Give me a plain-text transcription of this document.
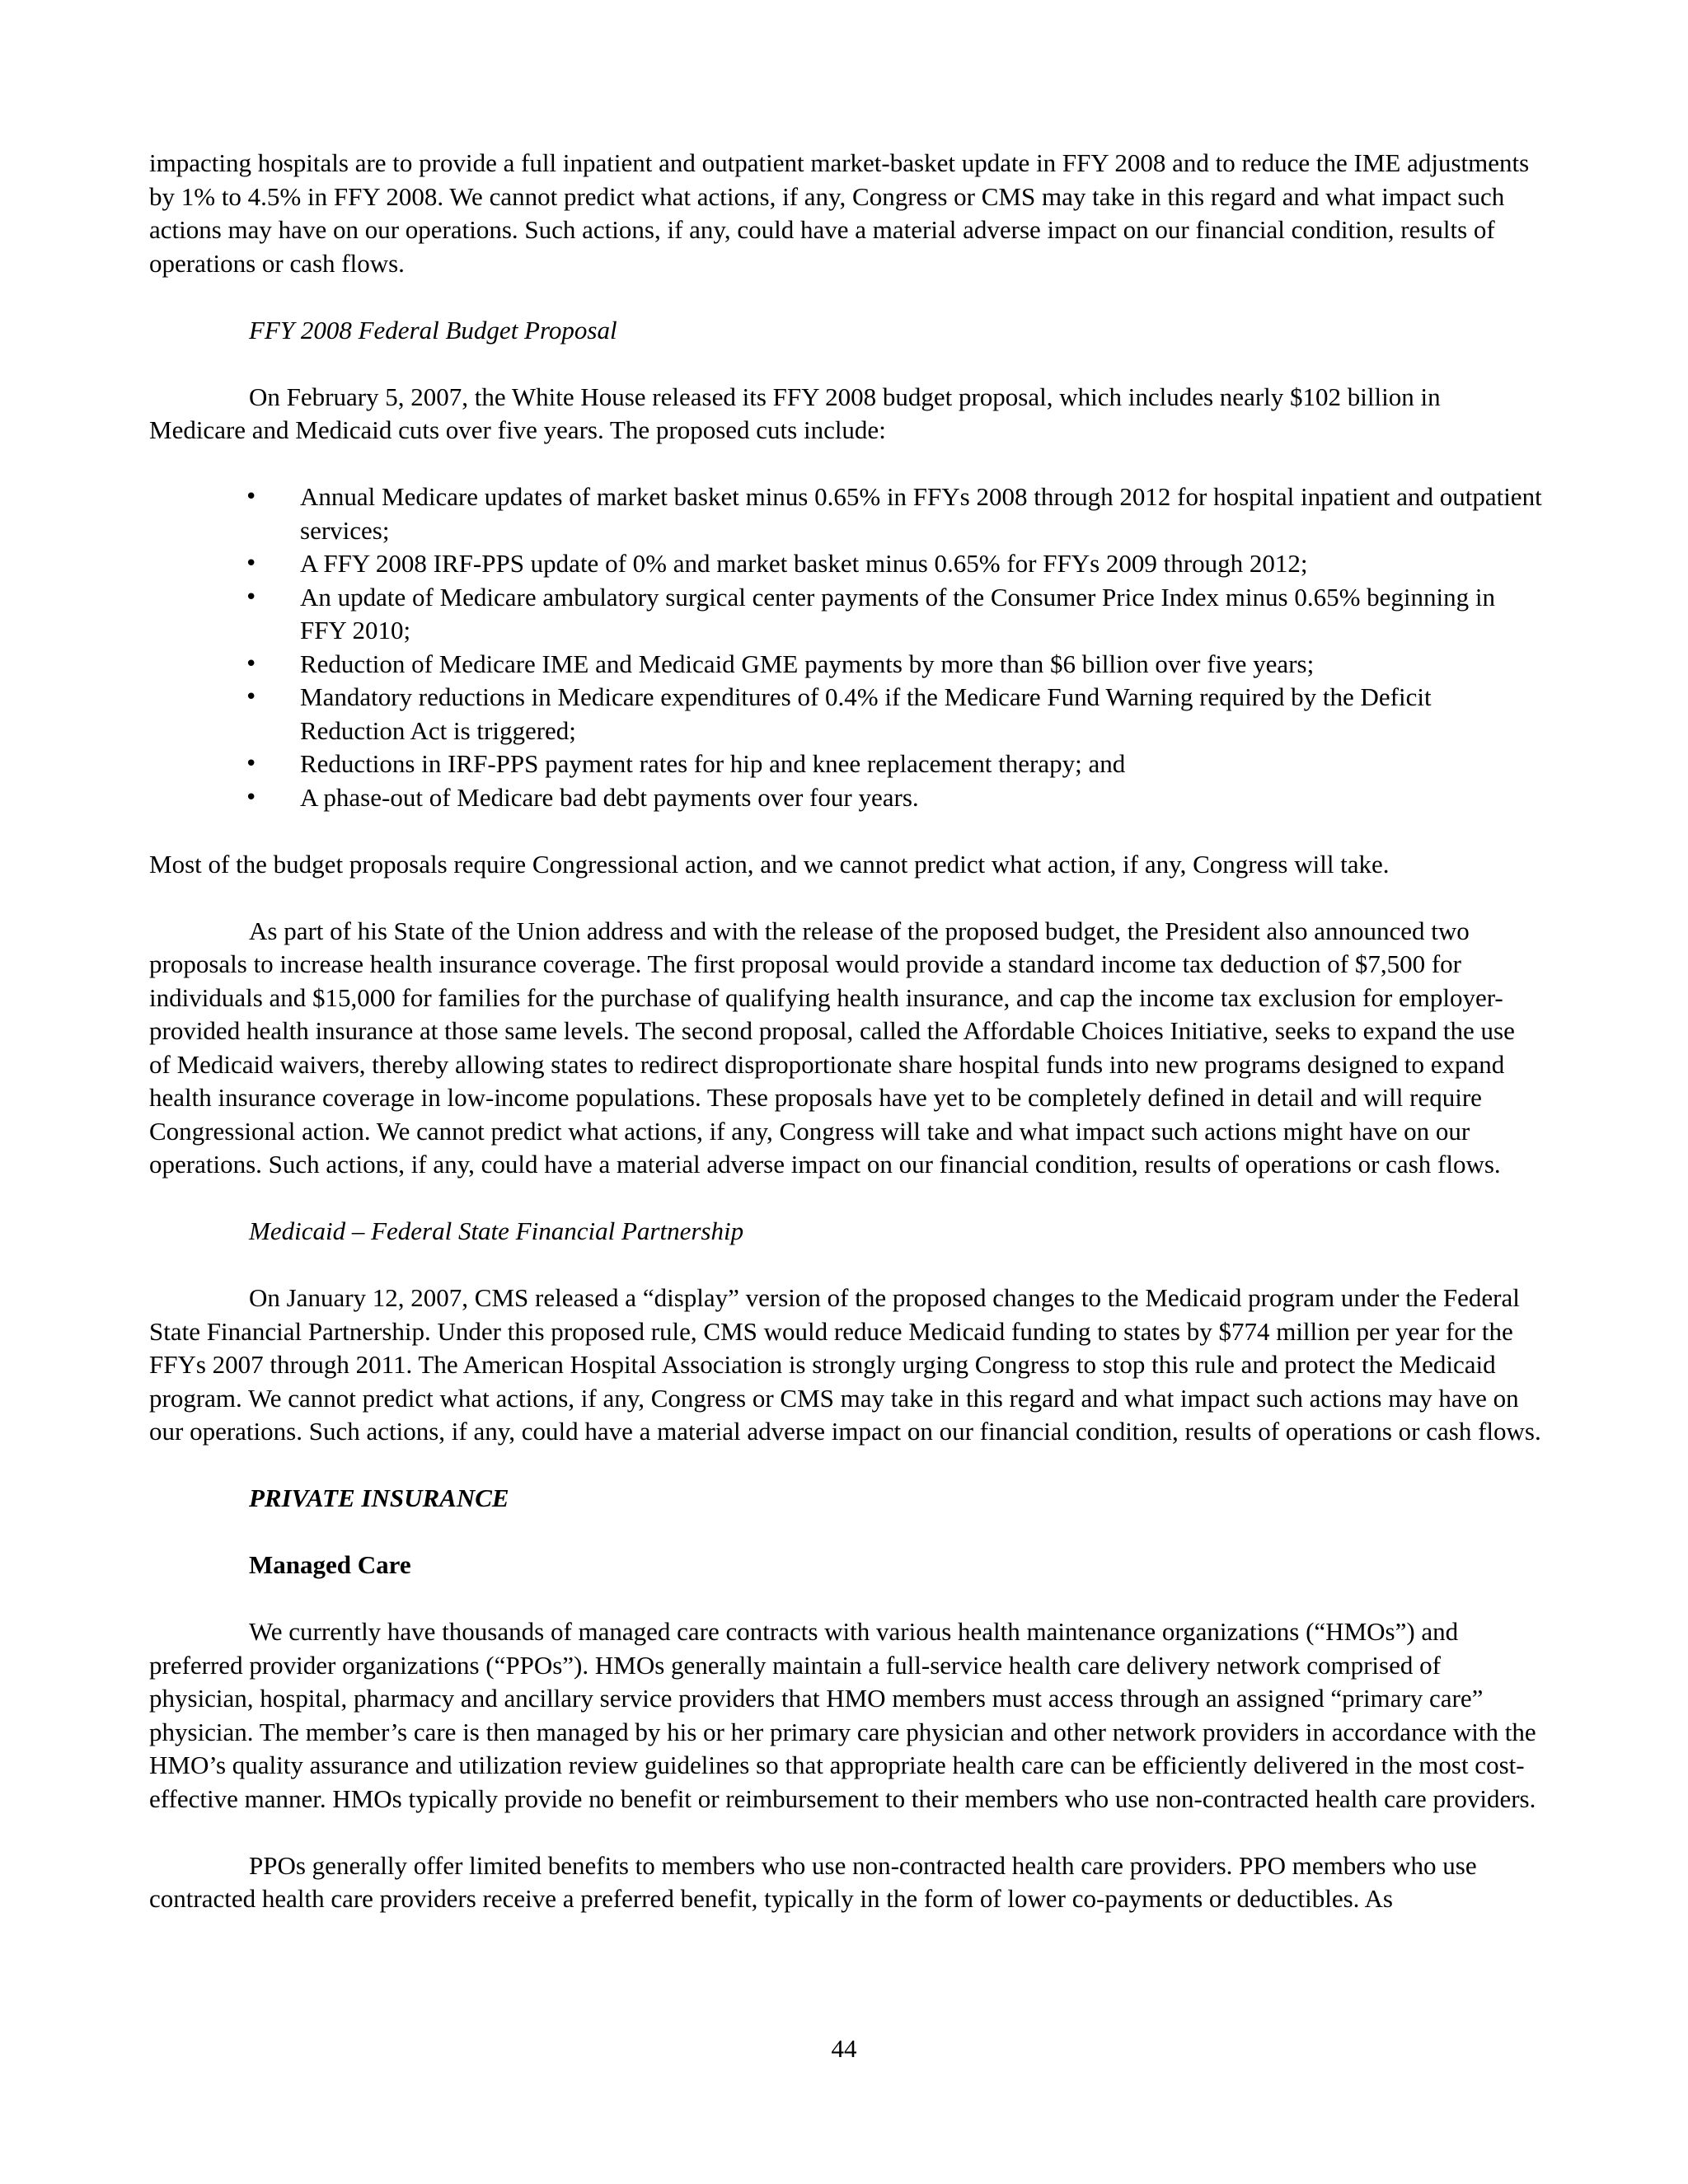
impacting hospitals are to provide a full inpatient and outpatient market-basket update in FFY 2008 and to reduce the IME adjustments by 1% to 4.5% in FFY 2008. We cannot predict what actions, if any, Congress or CMS may take in this regard and what impact such actions may have on our operations. Such actions, if any, could have a material adverse impact on our financial condition, results of operations or cash flows.

FFY 2008 Federal Budget Proposal

On February 5, 2007, the White House released its FFY 2008 budget proposal, which includes nearly $102 billion in Medicare and Medicaid cuts over five years. The proposed cuts include:

• Annual Medicare updates of market basket minus 0.65% in FFYs 2008 through 2012 for hospital inpatient and outpatient services;
• A FFY 2008 IRF-PPS update of 0% and market basket minus 0.65% for FFYs 2009 through 2012;
• An update of Medicare ambulatory surgical center payments of the Consumer Price Index minus 0.65% beginning in FFY 2010;
• Reduction of Medicare IME and Medicaid GME payments by more than $6 billion over five years;
• Mandatory reductions in Medicare expenditures of 0.4% if the Medicare Fund Warning required by the Deficit Reduction Act is triggered;
• Reductions in IRF-PPS payment rates for hip and knee replacement therapy; and
• A phase-out of Medicare bad debt payments over four years.

Most of the budget proposals require Congressional action, and we cannot predict what action, if any, Congress will take.

As part of his State of the Union address and with the release of the proposed budget, the President also announced two proposals to increase health insurance coverage. The first proposal would provide a standard income tax deduction of $7,500 for individuals and $15,000 for families for the purchase of qualifying health insurance, and cap the income tax exclusion for employer-provided health insurance at those same levels. The second proposal, called the Affordable Choices Initiative, seeks to expand the use of Medicaid waivers, thereby allowing states to redirect disproportionate share hospital funds into new programs designed to expand health insurance coverage in low-income populations. These proposals have yet to be completely defined in detail and will require Congressional action. We cannot predict what actions, if any, Congress will take and what impact such actions might have on our operations. Such actions, if any, could have a material adverse impact on our financial condition, results of operations or cash flows.

Medicaid – Federal State Financial Partnership

On January 12, 2007, CMS released a “display” version of the proposed changes to the Medicaid program under the Federal State Financial Partnership. Under this proposed rule, CMS would reduce Medicaid funding to states by $774 million per year for the FFYs 2007 through 2011. The American Hospital Association is strongly urging Congress to stop this rule and protect the Medicaid program. We cannot predict what actions, if any, Congress or CMS may take in this regard and what impact such actions may have on our operations. Such actions, if any, could have a material adverse impact on our financial condition, results of operations or cash flows.

PRIVATE INSURANCE

Managed Care

We currently have thousands of managed care contracts with various health maintenance organizations (“HMOs”) and preferred provider organizations (“PPOs”). HMOs generally maintain a full-service health care delivery network comprised of physician, hospital, pharmacy and ancillary service providers that HMO members must access through an assigned “primary care” physician. The member’s care is then managed by his or her primary care physician and other network providers in accordance with the HMO’s quality assurance and utilization review guidelines so that appropriate health care can be efficiently delivered in the most cost-effective manner. HMOs typically provide no benefit or reimbursement to their members who use non-contracted health care providers.

PPOs generally offer limited benefits to members who use non-contracted health care providers. PPO members who use contracted health care providers receive a preferred benefit, typically in the form of lower co-payments or deductibles. As

44
